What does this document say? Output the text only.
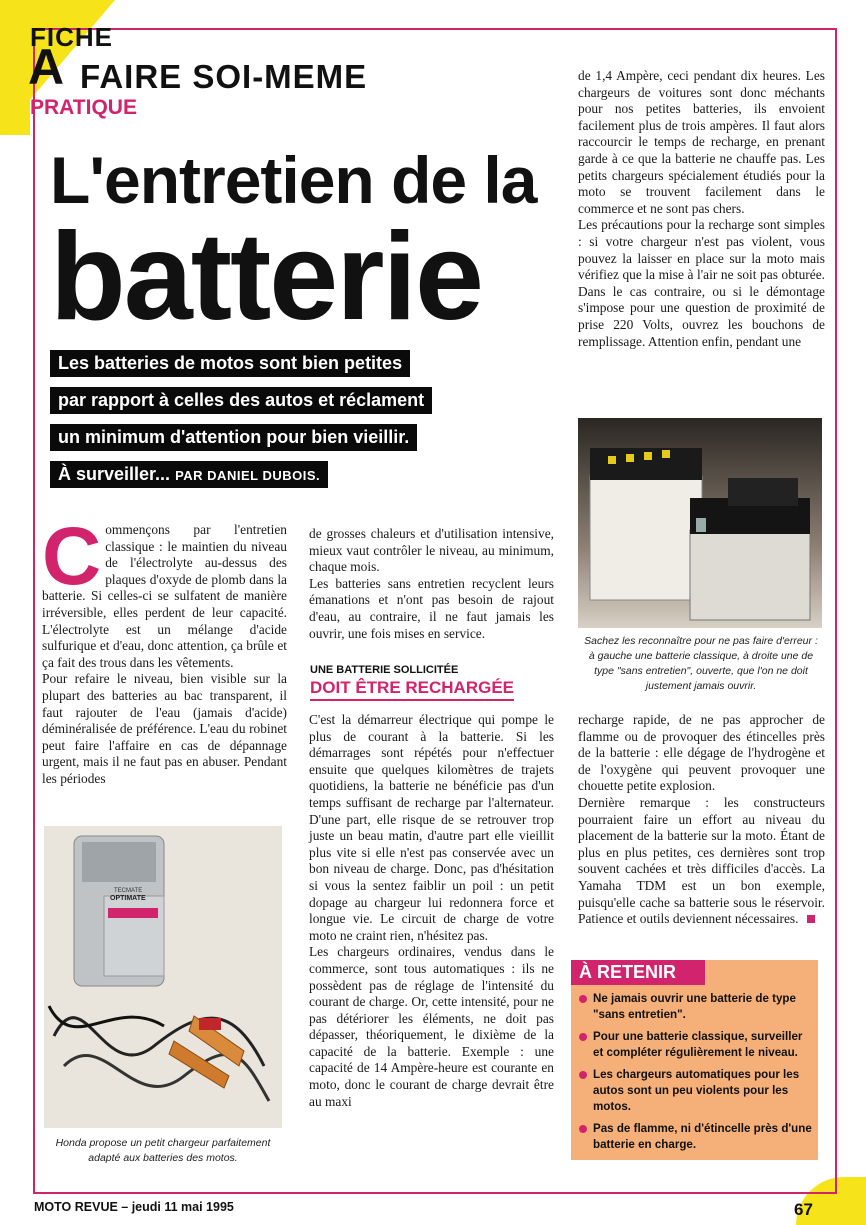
FICHE
A FAIRE SOI-MEME
PRATIQUE
L'entretien de la
batterie
Les batteries de motos sont bien petites
par rapport à celles des autos et réclament
un minimum d'attention pour bien vieillir.
À surveiller... PAR DANIEL DUBOIS.
C ommençons par l'entretien classique : le maintien du niveau de l'électrolyte au-dessus des plaques d'oxyde de plomb dans la batterie. Si celles-ci se sulfatent de manière irréversible, elles perdent de leur capacité. L'électrolyte est un mélange d'acide sulfurique et d'eau, donc attention, ça brûle et ça fait des trous dans les vêtements.

Pour refaire le niveau, bien visible sur la plupart des batteries au bac transparent, il faut rajouter de l'eau (jamais d'acide) déminéralisée de préférence. L'eau du robinet peut faire l'affaire en cas de dépannage urgent, mais il ne faut pas en abuser. Pendant les périodes

OPTIMATE
TECMATE
Honda propose un petit chargeur parfaitement adapté aux batteries des motos.

de grosses chaleurs et d'utilisation intensive, mieux vaut contrôler le niveau, au minimum, chaque mois.

Les batteries sans entretien recyclent leurs émanations et n'ont pas besoin de rajout d'eau, au contraire, il ne faut jamais les ouvrir, une fois mises en service.

UNE BATTERIE SOLLICITÉE
DOIT ÊTRE RECHARGÉE

C'est la démarreur électrique qui pompe le plus de courant à la batterie. Si les démarrages sont répétés pour n'effectuer ensuite que quelques kilomètres de trajets quotidiens, la batterie ne bénéficie pas d'un temps suffisant de recharge par l'alternateur. D'une part, elle risque de se retrouver trop juste un beau matin, d'autre part elle vieillit plus vite si elle n'est pas conservée avec un bon niveau de charge. Donc, pas d'hésitation si vous la sentez faiblir un poil : un petit dopage au chargeur lui redonnera force et longue vie. Le circuit de charge de votre moto ne craint rien, n'hésitez pas.

Les chargeurs ordinaires, vendus dans le commerce, sont tous automatiques : ils ne possèdent pas de réglage de l'intensité du courant de charge. Or, cette intensité, pour ne pas détériorer les éléments, ne doit pas dépasser, théoriquement, le dixième de la capacité de la batterie. Exemple : une capacité de 14 Ampère-heure est courante en moto, donc le courant de charge devrait être au maxi

de 1,4 Ampère, ceci pendant dix heures. Les chargeurs de voitures sont donc méchants pour nos petites batteries, ils envoient facilement plus de trois ampères. Il faut alors raccourcir le temps de recharge, en prenant garde à ce que la batterie ne chauffe pas. Les petits chargeurs spécialement étudiés pour la moto se trouvent facilement dans le commerce et ne sont pas chers.

Les précautions pour la recharge sont simples : si votre chargeur n'est pas violent, vous pouvez la laisser en place sur la moto mais vérifiez que la mise à l'air ne soit pas obturée. Dans le cas contraire, ou si le démontage s'impose pour une question de proximité de prise 220 Volts, ouvrez les bouchons de remplissage. Attention enfin, pendant une

Sachez les reconnaître pour ne pas faire d'erreur : à gauche une batterie classique, à droite une de type "sans entretien", ouverte, que l'on ne doit justement jamais ouvrir.

recharge rapide, de ne pas approcher de flamme ou de provoquer des étincelles près de la batterie : elle dégage de l'hydrogène et de l'oxygène qui peuvent provoquer une chouette petite explosion.

Dernière remarque : les constructeurs pourraient faire un effort au niveau du placement de la batterie sur la moto. Étant de plus en plus petites, ces dernières sont trop souvent cachées et très difficiles d'accès. La Yamaha TDM est un bon exemple, puisqu'elle cache sa batterie sous le réservoir. Patience et outils deviennent nécessaires.

À RETENIR
Ne jamais ouvrir une batterie de type "sans entretien".
Pour une batterie classique, surveiller et compléter régulièrement le niveau.
Les chargeurs automatiques pour les autos sont un peu violents pour les motos.
Pas de flamme, ni d'étincelle près d'une batterie en charge.
MOTO REVUE – jeudi 11 mai 1995	67
